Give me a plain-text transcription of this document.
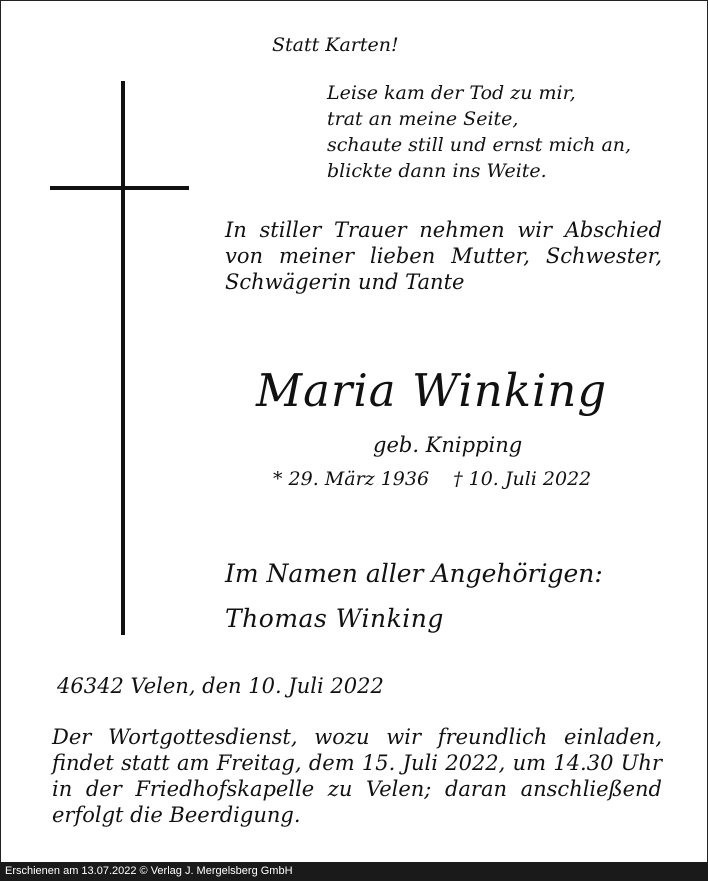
Statt Karten!
Leise kam der Tod zu mir,
trat an meine Seite,
schaute still und ernst mich an,
blickte dann ins Weite.
In stiller Trauer nehmen wir Abschied
von meiner lieben Mutter, Schwester,
Schwägerin und Tante
Maria Winking
geb. Knipping
* 29. März 1936 † 10. Juli 2022
Im Namen aller Angehörigen:
Thomas Winking
46342 Velen, den 10. Juli 2022
Der Wortgottesdienst, wozu wir freundlich einladen,
findet statt am Freitag, dem 15. Juli 2022, um 14.30 Uhr
in der Friedhofskapelle zu Velen; daran anschließend
erfolgt die Beerdigung.
Erschienen am 13.07.2022 © Verlag J. Mergelsberg GmbH
